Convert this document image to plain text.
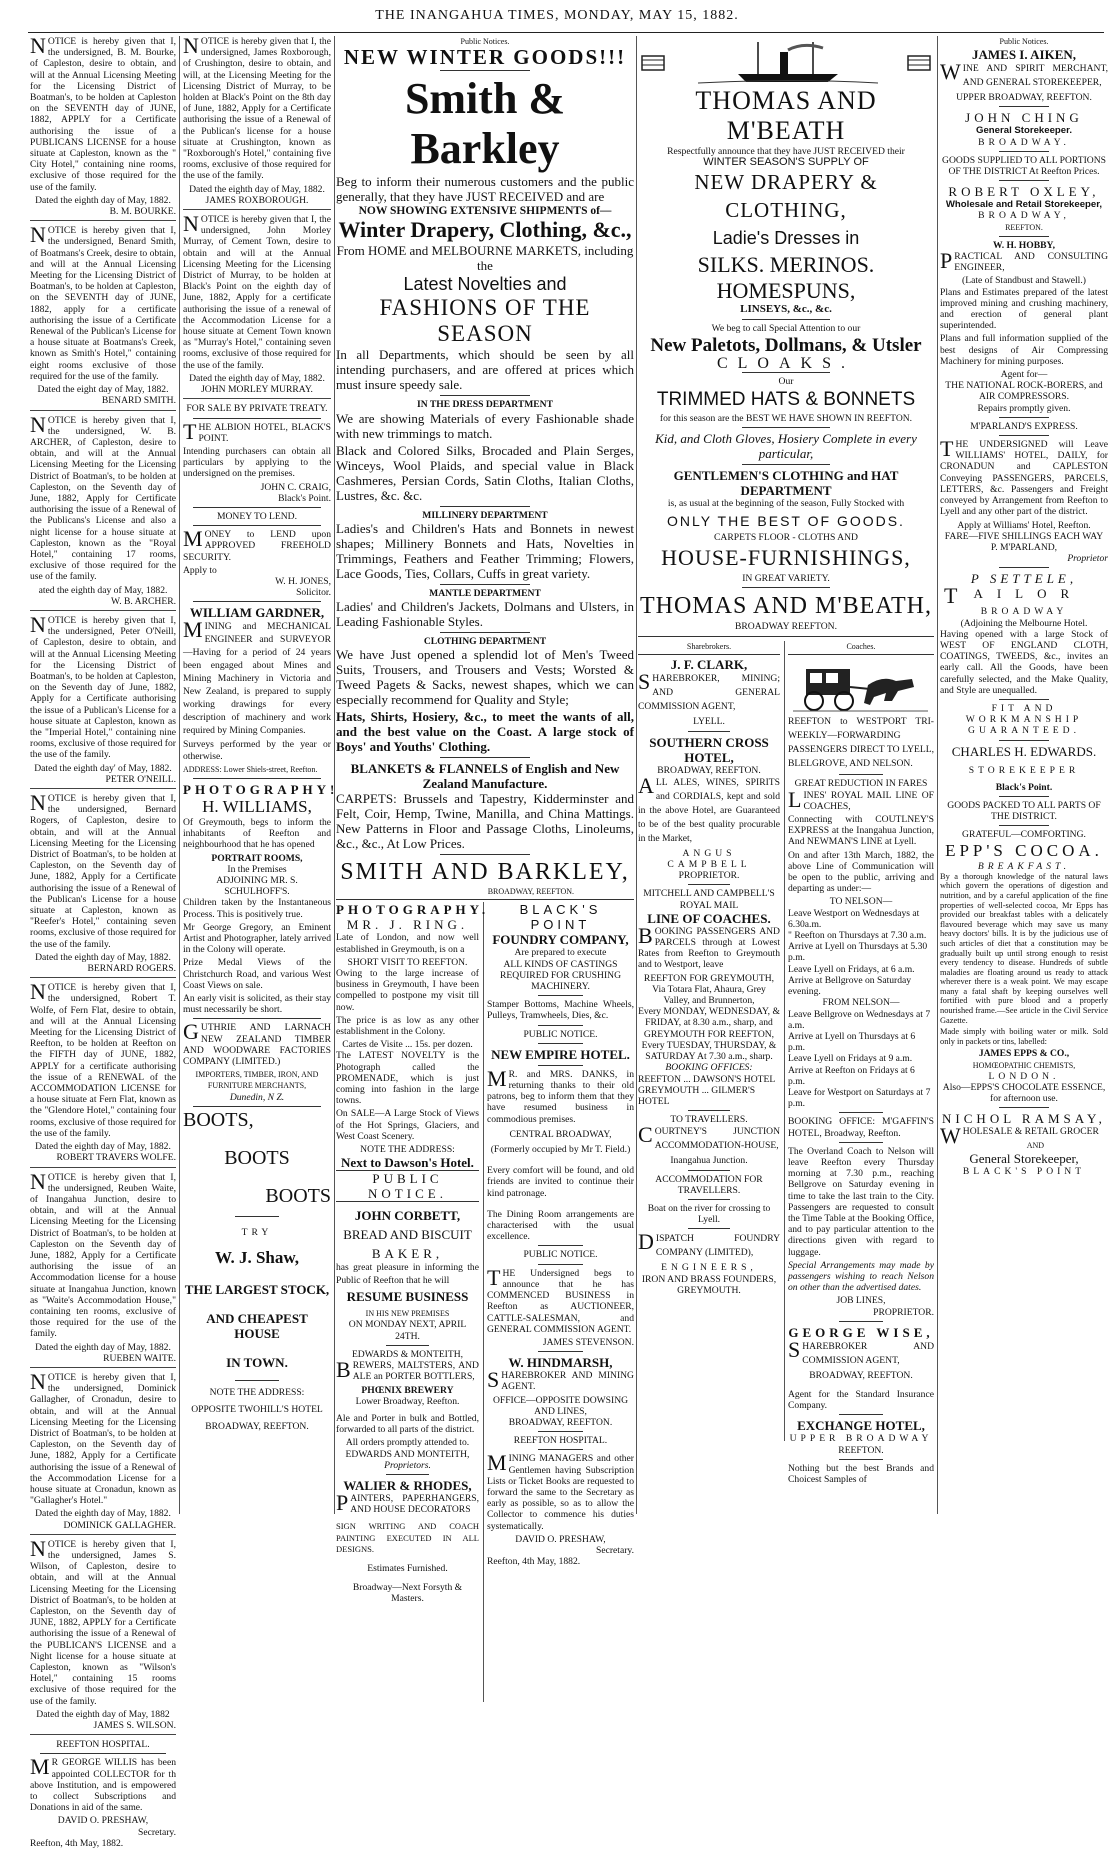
THE INANGAHUA TIMES, MONDAY, MAY 15, 1882.

NOTICE is hereby given that I, the undersigned, B. M. Bourke, of Capleston, desire to obtain, and will at the Annual Licensing Meeting for the Licensing District of Boatman's, to be holden at Capleston on the SEVENTH day of JUNE, 1882, APPLY for a Certificate authorising the issue of a PUBLICANS LICENSE for a house situate at Capleston, known as the " City Hotel," containing nine rooms, exclusive of those required for the use of the family.

Dated the eighth day of May, 1882.
B. M. BOURKE.

NOTICE is hereby given that I, the undersigned, Benard Smith, of Boatmans's Creek, desire to obtain, and will at the Annual Licensing Meeting for the Licensing District of Boatman's, to be holden at Capleston, on the SEVENTH day of JUNE, 1882, apply for a certificate authorising the issue of a Certificate Renewal of the Publican's License for a house situate at Boatmans's Creek, known as Smith's Hotel," containing eight rooms exclusive of those required for the use of the family.

Dated the eight day of May, 1882.
BENARD SMITH.

NOTICE is hereby given that I, the undersigned, W. B. ARCHER, of Capleston, desire to obtain, and will at the Annual Licensing Meeting for the Licensing District of Boatman's, to be holden at Capleston, on the Seventh day of June, 1882, Apply for Certificate authorising the issue of a Renewal of the Publicans's License and also a night license for a house situate at Capleston, known as the "Royal Hotel," containing 17 rooms, exclusive of those required for the use of the family.

ated the eighth day of May, 1882.
W. B. ARCHER.

NOTICE is hereby given that I, the undersigned, Peter O'Neill, of Capleston, desire to obtain, and will at the Annual Licensing Meeting for the Licensing District of Boatman's, to be holden at Capleston, on the Seventh day of June, 1882, Apply for a Certificate authorising the issue of a Publican's License for a house situate at Capleston, known as the "Imperial Hotel," containing nine rooms, exclusive of those required for the use of the family.

Dated the eighth day' of May, 1882.
PETER O'NEILL.

NOTICE is hereby given that I, the undersigned, Bernard Rogers, of Capleston, desire to obtain, and will at the Annual Licensing Meeting for the Licensing District of Boatman's, to be holden at Capleston, on the Seventh day of June, 1882, Apply for a Certificate authorising the issue of a Renewal of the Publican's License for a house situate at Capleston, known as "Reefer's Hotel," containing seven rooms, exclusive of those required for the use of the family.

Dated the eighth day of May, 1882.
BERNARD ROGERS.

NOTICE is hereby given that I, the undersigned, Robert T. Wolfe, of Fern Flat, desire to obtain, and will at the Annual Licensing Meeting for the Licensing District of Reefton, to be holden at Reefton on the FIFTH day of JUNE, 1882, APPLY for a certificate authorising the issue of a RENEWAL of the ACCOMMODATION LICENSE for a house situate at Fern Flat, known as the "Glendore Hotel," containing four rooms, exclusive of those required for the use of the family.

Dated the eighth day of May, 1882.
ROBERT TRAVERS WOLFE.

NOTICE is hereby given that I, the undersigned, Reuben Waite, of Inangahua Junction, desire to obtain, and will at the Annual Licensing Meeting for the Licensing District of Boatman's, to be holden at Capleston on the Seventh day of June, 1882, Apply for a Certificate authorising the issue of an Accommodation license for a house situate at Inangahua Junction, known as "Waite's Accommodation House," containing ten rooms, exclusive of those required for the use of the family.

Dated the eighth day of May, 1882.
RUEBEN WAITE.

NOTICE is hereby given that I, the undersigned, Dominick Gallagher, of Cronadun, desire to obtain, and will at the Annual Licensing Meeting for the Licensing District of Boatman's, to be holden at Capleston, on the Seventh day of June, 1882, Apply for a Certificate authorising the issue of a Renewal of the Accommodation License for a house situate at Cronadun, known as "Gallagher's Hotel."

Dated the eighth day of May, 1882.
DOMINICK GALLAGHER.

NOTICE is hereby given that I, the undersigned, James S. Wilson, of Capleston, desire to obtain, and will at the Annual Licensing Meeting for the Licensing District of Boatman's, to be holden at Capleston, on the Seventh day of JUNE, 1882, APPLY for a Certificate authorising the issue of a Renewal of the PUBLICAN'S LICENSE and a Night license for a house situate at Capleston, known as "Wilson's Hotel," containing 15 rooms exclusive of those required for the use of the family.

Dated the eighth day of May, 1882
JAMES S. WILSON.
REEFTON HOSPITAL.

M R GEORGE WILLIS has been appointed COLLECTOR for th above Institution, and is empowered to collect Subscriptions and Donations in aid of the same.

DAVID O. PRESHAW,
Secretary.
Reefton, 4th May, 1882.

NOTICE is hereby given that I, the undersigned, James Roxborough, of Crushington, desire to obtain, and will, at the Licensing Meeting for the Licensing District of Murray, to be holden at Black's Point on the 8th day of June, 1882, Apply for a Certificate authorising the issue of a Renewal of the Publican's license for a house situate at Crushington, known as "Roxborough's Hotel," containing five rooms, exclusive of those required for the use of the family.

Dated the eighth day of May, 1882.
JAMES ROXBOROUGH.

NOTICE is hereby given that I, the undersigned, John Morley Murray, of Cement Town, desire to obtain and will at the Annual Licensing Meeting for the Licensing District of Murray, to be holden at Black's Point on the eighth day of June, 1882, Apply for a certificate authorising the issue of a renewal of the Accommodation License for a house situate at Cement Town known as "Murray's Hotel," containing seven rooms, exclusive of those required for the use of the family.

Dated the eighth day of May, 1882.
JOHN MORLEY MURRAY.
FOR SALE BY PRIVATE TREATY.

THE ALBION HOTEL, BLACK'S POINT.

Intending purchasers can obtain all particulars by applying to the undersigned on the premises.

JOHN C. CRAIG,
Black's Point.
MONEY TO LEND.

MONEY to LEND upon APPROVED FREEHOLD SECURITY.

Apply to
W. H. JONES,
Solicitor.
WILLIAM GARDNER,

MINING and MECHANICAL ENGINEER and SURVEYOR—Having for a period of 24 years been engaged about Mines and Mining Machinery in Victoria and New Zealand, is prepared to supply working drawings for every description of machinery and work required by Mining Companies.

Surveys performed by the year or otherwise.

ADDRESS: Lower Shiels-street, Reefton.
PHOTOGRAPHY!
H. WILLIAMS,

Of Greymouth, begs to inform the inhabitants of Reefton and neighbourhood that he has opened

PORTRAIT ROOMS,
In the Premises
ADJOINING MR. S. SCHULHOFF'S.

Children taken by the Instantaneous Process. This is positively true.

Mr George Gregory, an Eminent Artist and Photographer, lately arrived in the Colony will operate.

Prize Medal Views of the Christchurch Road, and various West Coast Views on sale.

An early visit is solicited, as their stay must necessarily be short.

GUTHRIE AND LARNACH NEW ZEALAND TIMBER AND WOODWARE FACTORIES COMPANY (LIMITED.)

IMPORTERS, TIMBER, IRON, AND FURNITURE MERCHANTS,
Dunedin, N Z.
BOOTS,
BOOTS
BOOTS
TRY
W. J. Shaw,
THE LARGEST STOCK,
AND CHEAPEST HOUSE
IN TOWN.
NOTE THE ADDRESS:
OPPOSITE TWOHILL'S HOTEL
BROADWAY, REEFTON.
Public Notices.
NEW WINTER GOODS!!!
Smith & Barkley

Beg to inform their numerous customers and the public generally, that they have JUST RECEIVED and are

NOW SHOWING EXTENSIVE SHIPMENTS of—
Winter Drapery, Clothing, &c.,
From HOME and MELBOURNE MARKETS, including the
Latest Novelties and
FASHIONS OF THE SEASON

In all Departments, which should be seen by all intending purchasers, and are offered at prices which must insure speedy sale.

IN THE DRESS DEPARTMENT

We are showing Materials of every Fashionable shade with new trimmings to match.

Black and Colored Silks, Brocaded and Plain Serges, Winceys, Wool Plaids, and special value in Black Cashmeres, Persian Cords, Satin Cloths, Italian Cloths, Lustres, &c. &c.

MILLINERY DEPARTMENT

Ladies's and Children's Hats and Bonnets in newest shapes; Millinery Bonnets and Hats, Novelties in Trimmings, Feathers and Feather Trimming; Flowers, Lace Goods, Ties, Collars, Cuffs in great variety.

MANTLE DEPARTMENT

Ladies' and Children's Jackets, Dolmans and Ulsters, in Leading Fashionable Styles.

CLOTHING DEPARTMENT

We have Just opened a splendid lot of Men's Tweed Suits, Trousers, and Trousers and Vests; Worsted & Tweed Pagets & Sacks, newest shapes, which we can especially recommend for Quality and Style;

Hats, Shirts, Hosiery, &c., to meet the wants of all, and the best value on the Coast. A large stock of Boys' and Youths' Clothing.

BLANKETS & FLANNELS of English and New Zealand Manufacture.

CARPETS: Brussels and Tapestry, Kidderminster and Felt, Coir, Hemp, Twine, Manilla, and China Mattings. New Patterns in Floor and Passage Cloths, Linoleums, &c., &c., At Low Prices.

SMITH AND BARKLEY,
BROADWAY, REEFTON.
PHOTOGRAPHY.
MR. J. RING.

Late of London, and now well established in Greymouth, is on a

SHORT VISIT TO REEFTON.

Owing to the large increase of business in Greymouth, I have been compelled to postpone my visit till now.

The price is as low as any other establishment in the Colony.

Cartes de Visite ... 15s. per dozen.

The LATEST NOVELTY is the Photograph called the PROMENADE, which is just coming into fashion in the large towns.

On SALE—A Large Stock of Views of the Hot Springs, Glaciers, and West Coast Scenery.

NOTE THE ADDRESS:
Next to Dawson's Hotel.
PUBLIC NOTICE.
JOHN CORBETT,
BREAD AND BISCUIT
BAKER,

has great pleasure in informing the Public of Reefton that he will

RESUME BUSINESS
IN HIS NEW PREMISES
ON MONDAY NEXT, APRIL 24TH.
EDWARDS & MONTEITH,

BREWERS, MALTSTERS, AND ALE an PORTER BOTTLERS,

PHŒNIX BREWERY
Lower Broadway, Reefton.

Ale and Porter in bulk and Bottled, forwarded to all parts of the district.

All orders promptly attended to.
EDWARDS AND MONTEITH,
Proprietors.
WALIER & RHODES,

PAINTERS, PAPERHANGERS, AND HOUSE DECORATORS

SIGN WRITING AND COACH PAINTING EXECUTED IN ALL DESIGNS.

Estimates Furnished.
Broadway—Next Forsyth & Masters.
BLACK'S POINT
FOUNDRY COMPANY,
Are prepared to execute
ALL KINDS OF CASTINGS REQUIRED FOR CRUSHING MACHINERY.

Stamper Bottoms, Machine Wheels, Pulleys, Tramwheels, Dies, &c.

PUBLIC NOTICE.
NEW EMPIRE HOTEL.

M R. and MRS. DANKS, in returning thanks to their old patrons, beg to inform them that they have resumed business in commodious premises.

CENTRAL BROADWAY,
(Formerly occupied by Mr T. Field.)

Every comfort will be found, and old friends are invited to continue their kind patronage.

The Dining Room arrangements are characterised with the usual excellence.

PUBLIC NOTICE.

THE Undersigned begs to announce that he has COMMENCED BUSINESS in Reefton as AUCTIONEER, CATTLE-SALESMAN, and GENERAL COMMISSION AGENT.

JAMES STEVENSON.
W. HINDMARSH,

SHAREBROKER AND MINING AGENT.

OFFICE—OPPOSITE DOWSING AND LINES,
BROADWAY, REEFTON.
REEFTON HOSPITAL.

MINING MANAGERS and other Gentlemen having Subscription Lists or Ticket Books are requested to forward the same to the Secretary as early as possible, so as to allow the Collector to commence his duties systematically.

DAVID O. PRESHAW,
Secretary.
Reefton, 4th May, 1882.
THOMAS AND M'BEATH
Respectfully announce that they have JUST RECEIVED their
WINTER SEASON'S SUPPLY OF
NEW DRAPERY & CLOTHING,
Ladie's Dresses in
SILKS. MERINOS. HOMESPUNS,
LINSEYS, &c., &c.
We beg to call Special Attention to our
New Paletots, Dollmans, & Utsler
CLOAKS.
Our
TRIMMED HATS & BONNETS
for this season are the BEST WE HAVE SHOWN IN REEFTON.
Kid, and Cloth Gloves, Hosiery Complete in every particular,
GENTLEMEN'S CLOTHING and HAT DEPARTMENT
is, as usual at the beginning of the season, Fully Stocked with
ONLY THE BEST OF GOODS.
CARPETS FLOOR - CLOTHS AND
HOUSE-FURNISHINGS,
IN GREAT VARIETY.
THOMAS AND M'BEATH,
BROADWAY REEFTON.
Sharebrokers.
J. F. CLARK,

SHAREBROKER, MINING; AND GENERAL COMMISSION AGENT,

LYELL.
SOUTHERN CROSS HOTEL,
BROADWAY, REEFTON.

ALL ALES, WINES, SPIRITS and CORDIALS, kept and sold in the above Hotel, are Guaranteed to be of the best quality procurable in the Market,

ANGUS CAMPBELL
PROPRIETOR.
MITCHELL AND CAMPBELL'S ROYAL MAIL
LINE OF COACHES.

BOOKING PASSENGERS AND PARCELS through at Lowest Rates from Reefton to Greymouth and to Westport, leave

REEFTON FOR GREYMOUTH,
Via Totara Flat, Ahaura, Grey Valley, and Brunnerton,
Every MONDAY, WEDNESDAY, & FRIDAY, at 8.30 a.m., sharp, and
GREYMOUTH FOR REEFTON,
Every TUESDAY, THURSDAY, & SATURDAY At 7.30 a.m., sharp.
BOOKING OFFICES:
REEFTON ... DAWSON'S HOTEL
GREYMOUTH ... GILMER'S HOTEL
TO TRAVELLERS.

COURTNEY'S JUNCTION ACCOMMODATION-HOUSE,

Inangahua Junction.
ACCOMMODATION FOR TRAVELLERS.
Boat on the river for crossing to Lyell.

DISPATCH FOUNDRY COMPANY (LIMITED),

ENGINEERS,
IRON AND BRASS FOUNDERS,
GREYMOUTH.
Coaches.

REEFTON to WESTPORT TRI-WEEKLY—FORWARDING PASSENGERS DIRECT TO LYELL, BLELGROVE, AND NELSON.

GREAT REDUCTION IN FARES

LINES' ROYAL MAIL LINE OF COACHES,

Connecting with COUTLNEY'S EXPRESS at the Inangahua Junction, And NEWMAN'S LINE at Lyell.

On and after 13th March, 1882, the above Line of Communication will be open to the public, arriving and departing as under:—

TO NELSON—
Leave Westport on Wednesdays at 6.30a.m.
" Reefton on Thursdays at 7.30 a.m.
Arrive at Lyell on Thursdays at 5.30 p.m.
Leave Lyell on Fridays, at 6 a.m.
Arrive at Bellgrove on Saturday evening.
FROM NELSON—
Leave Bellgrove on Wednesdays at 7 a.m.
Arrive at Lyell on Thursdays at 6 p.m.
Leave Lyell on Fridays at 9 a.m.
Arrive at Reefton on Fridays at 6 p.m.
Leave for Westport on Saturdays at 7 p.m.

BOOKING OFFICE: M'GAFFIN'S HOTEL, Broadway, Reefton.

The Overland Coach to Nelson will leave Reefton every Thursday morning at 7.30 p.m., reaching Bellgrove on Saturday evening in time to take the last train to the City. Passengers are requested to consult the Time Table at the Booking Office, and to pay particular attention to the directions given with regard to luggage.

Special Arrangements may made by passengers wishing to reach Nelson on other than the advertised dates.

JOB LINES,
PROPRIETOR.
GEORGE WISE,

SHAREBROKER AND COMMISSION AGENT,

BROADWAY, REEFTON.

Agent for the Standard Insurance Company.

EXCHANGE HOTEL,
UPPER BROADWAY
REEFTON.

Nothing but the best Brands and Choicest Samples of

Public Notices.
JAMES I. AIKEN,

WINE AND SPIRIT MERCHANT, AND GENERAL STOREKEEPER,

UPPER BROADWAY, REEFTON.
JOHN CHING
General Storekeeper.
BROADWAY.
GOODS SUPPLIED TO ALL PORTIONS OF THE DISTRICT At Reefton Prices.
ROBERT OXLEY,
Wholesale and Retail Storekeeper,
BROADWAY,
REEFTON.
W. H. HOBBY,

PRACTICAL AND CONSULTING ENGINEER,

(Late of Standbust and Stawell.)

Plans and Estimates prepared of the latest improved mining and crushing machinery, and erection of general plant superintended.

Plans and full information supplied of the best designs of Air Compressing Machinery for mining purposes.

Agent for—
THE NATIONAL ROCK-BORERS, and AIR COMPRESSORS.
Repairs promptly given.
M'PARLAND'S EXPRESS.

THE UNDERSIGNED will Leave WILLIAMS' HOTEL, DAILY, for CRONADUN and CAPLESTON Conveying PASSENGERS, PARCELS, LETTERS, &c. Passengers and Freight conveyed by Arrangement from Reefton to Lyell and any other part of the district.

Apply at Williams' Hotel, Reefton.
FARE—FIVE SHILLINGS EACH WAY
P. M'PARLAND,
Proprietor
P SETTELE,
TAILOR
BROADWAY
(Adjoining the Melbourne Hotel.

Having opened with a large Stock of WEST OF ENGLAND CLOTH, COATINGS, TWEEDS, &c., invites an early call. All the Goods, have been carefully selected, and the Make Quality, and Style are unequalled.

FIT AND WORKMANSHIP GUARANTEED.
CHARLES H. EDWARDS.
STOREKEEPER
Black's Point.
GOODS PACKED TO ALL PARTS OF THE DISTRICT.
GRATEFUL—COMFORTING.
EPP'S COCOA.
BREAKFAST.

By a thorough knowledge of the natural laws which govern the operations of digestion and nutrition, and by a careful application of the fine properties of well-selected cocoa, Mr Epps has provided our breakfast tables with a delicately flavoured beverage which may save us many heavy doctors' bills. It is by the judicious use of such articles of diet that a constitution may be gradually built up until strong enough to resist every tendency to disease. Hundreds of subtle maladies are floating around us ready to attack wherever there is a weak point. We may escape many a fatal shaft by keeping ourselves well fortified with pure blood and a properly nourished frame.—See article in the Civil Service Gazette.

Made simply with boiling water or milk. Sold only in packets or tins, labelled:

JAMES EPPS & CO.,
HOMŒOPATHIC CHEMISTS,
LONDON.
Also—EPPS'S CHOCOLATE ESSENCE, for afternoon use.
NICHOL RAMSAY,

WHOLESALE & RETAIL GROCER

AND
General Storekeeper,
BLACK'S POINT
